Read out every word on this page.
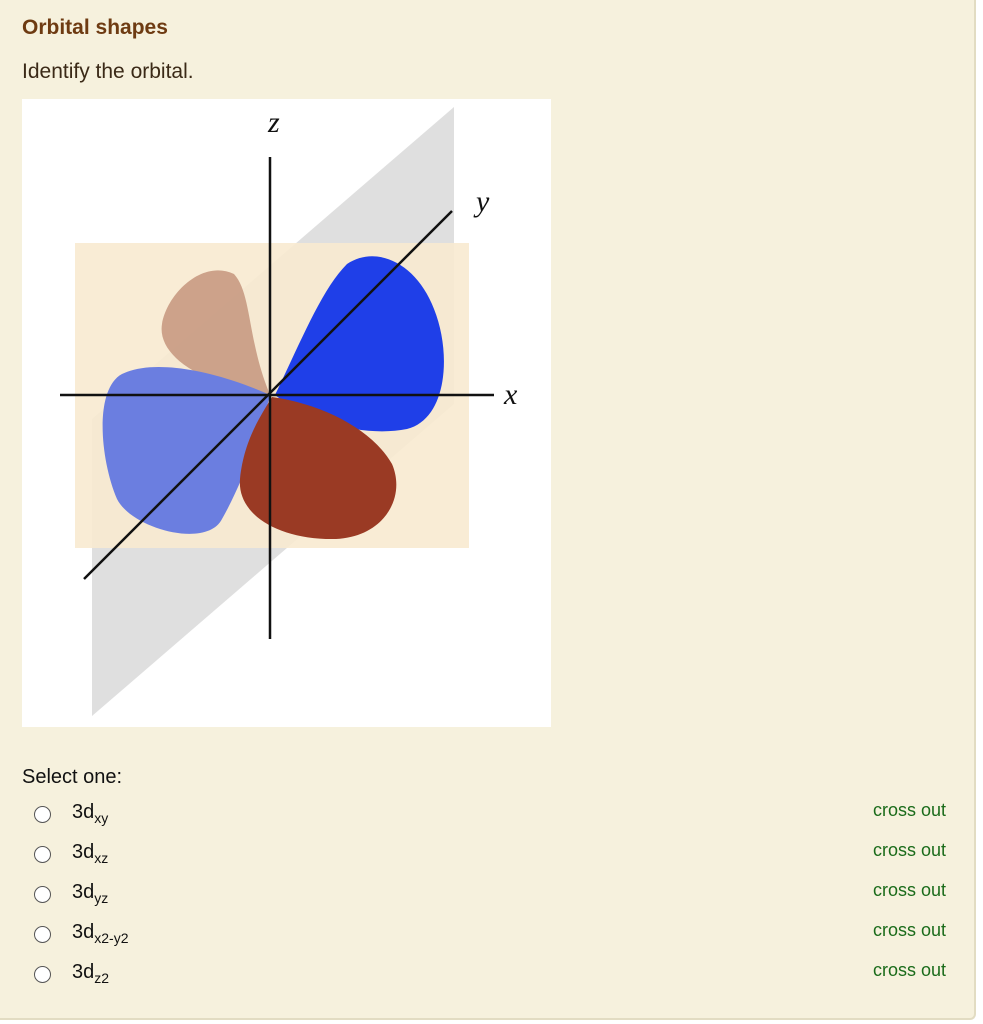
Orbital shapes
Identify the orbital.
z
y
x
Select one:
$3d_{xy}$	cross out
$3d_{xz}$	cross out
$3d_{yz}$	cross out
$3d_{x2-y2}$	cross out
$3d_{z2}$	cross out
